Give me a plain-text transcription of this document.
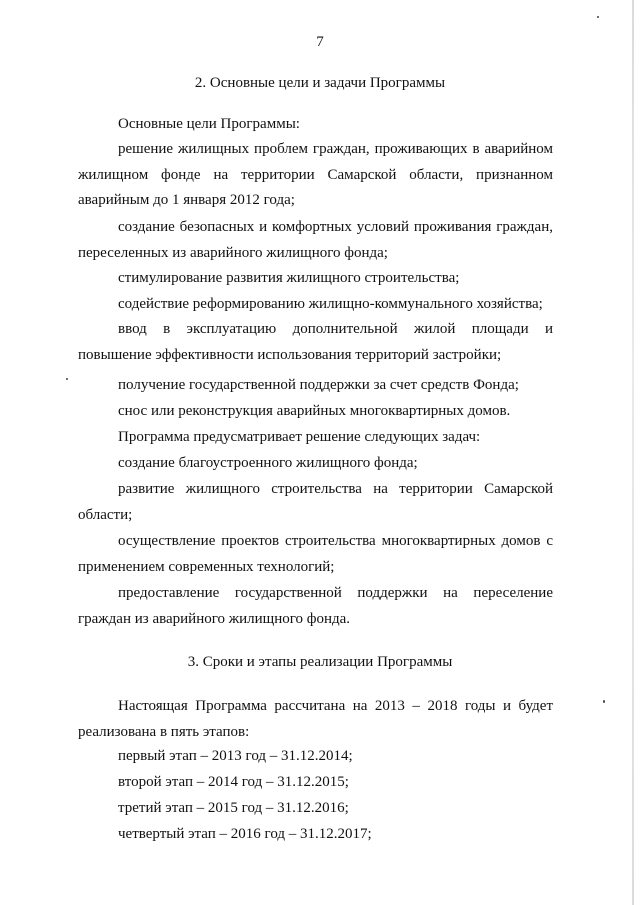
7
2. Основные цели и задачи Программы
Основные цели Программы:
решение жилищных проблем граждан, проживающих в аварийном жилищном фонде на территории Самарской области, признанном аварийным до 1 января 2012 года;
создание безопасных и комфортных условий проживания граждан, переселенных из аварийного жилищного фонда;
стимулирование развития жилищного строительства;
содействие реформированию жилищно-коммунального хозяйства;
ввод в эксплуатацию дополнительной жилой площади и повышение эффективности использования территорий застройки;
получение государственной поддержки за счет средств Фонда;
снос или реконструкция аварийных многоквартирных домов.
Программа предусматривает решение следующих задач:
создание благоустроенного жилищного фонда;
развитие жилищного строительства на территории Самарской области;
осуществление проектов строительства многоквартирных домов с применением современных технологий;
предоставление государственной поддержки на переселение граждан из аварийного жилищного фонда.
3. Сроки и этапы реализации Программы
Настоящая Программа рассчитана на 2013 – 2018 годы и будет реализована в пять этапов:
первый этап – 2013 год – 31.12.2014;
второй этап – 2014 год – 31.12.2015;
третий этап – 2015 год – 31.12.2016;
четвертый этап – 2016 год – 31.12.2017;
